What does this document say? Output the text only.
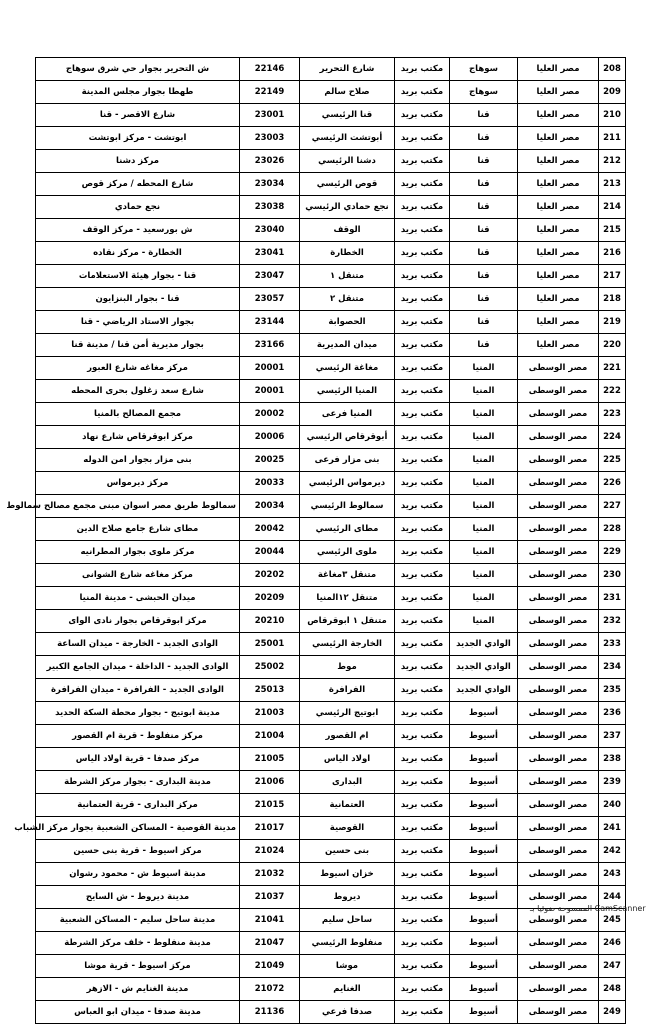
208	مصر العليا	سوهاج	مكتب بريد	شارع التحرير	22146	ش التحرير بجوار حي شرق سوهاج
209	مصر العليا	سوهاج	مكتب بريد	صلاح سالم	22149	طهطا بجوار مجلس المدينة
210	مصر العليا	قنا	مكتب بريد	قنا الرئيسي	23001	شارع الاقصر - قنا
211	مصر العليا	قنا	مكتب بريد	أبوتشت الرئيسي	23003	ابوتشت - مركز ابوتشت
212	مصر العليا	قنا	مكتب بريد	دشنا الرئيسي	23026	مركز دشنا
213	مصر العليا	قنا	مكتب بريد	قوص الرئيسي	23034	شارع المحطه / مركز قوص
214	مصر العليا	قنا	مكتب بريد	نجع حمادي الرئيسي	23038	نجع حمادي
215	مصر العليا	قنا	مكتب بريد	الوقف	23040	ش بورسعيد - مركز الوقف
216	مصر العليا	قنا	مكتب بريد	الخطارة	23041	الخطارة - مركز نقاده
217	مصر العليا	قنا	مكتب بريد	متنقل ١	23047	قنا - بجوار هيئة الاستعلامات
218	مصر العليا	قنا	مكتب بريد	متنقل ٢	23057	قنا - بجوار البنزايون
219	مصر العليا	قنا	مكتب بريد	الحصوابة	23144	بجوار الاستاد الرياضي - قنا
220	مصر العليا	قنا	مكتب بريد	ميدان المديرية	23166	بجوار مديرية أمن قنا / مدينة قنا
221	مصر الوسطى	المنيا	مكتب بريد	مغاغة الرئيسي	20001	مركز مغاغه شارع العبور
222	مصر الوسطى	المنيا	مكتب بريد	المنيا الرئيسي	20001	شارع سعد زغلول بحرى المحطه
223	مصر الوسطى	المنيا	مكتب بريد	المنيا فرعى	20002	مجمع المصالح بالمنيا
224	مصر الوسطى	المنيا	مكتب بريد	أبوقرقاص الرئيسي	20006	مركز ابوقرقاص شارع نهاد
225	مصر الوسطى	المنيا	مكتب بريد	بنى مزار فرعى	20025	بنى مزار بجوار امن الدوله
226	مصر الوسطى	المنيا	مكتب بريد	ديرمواس الرئيسي	20033	مركز ديرمواس
227	مصر الوسطى	المنيا	مكتب بريد	سمالوط الرئيسي	20034	سمالوط طريق مصر اسوان مبنى مجمع مصالح سمالوط
228	مصر الوسطى	المنيا	مكتب بريد	مطاى الرئيسي	20042	مطاى شارع جامع صلاح الدين
229	مصر الوسطى	المنيا	مكتب بريد	ملوى الرئيسي	20044	مركز ملوى بجوار المطرانيه
230	مصر الوسطى	المنيا	مكتب بريد	متنقل ٣مغاغة	20202	مركز مغاغه شارع الشوانى
231	مصر الوسطى	المنيا	مكتب بريد	متنقل ١٢المنيا	20209	ميدان الحبشى - مدينة المنيا
232	مصر الوسطى	المنيا	مكتب بريد	متنقل ١ ابوقرقاص	20210	مركز ابوقرقاص بجوار نادى الواى
233	مصر الوسطى	الوادي الجديد	مكتب بريد	الخارجة الرئيسي	25001	الوادى الجديد - الخارجة - ميدان الساعة
234	مصر الوسطى	الوادي الجديد	مكتب بريد	موط	25002	الوادى الجديد - الداخلة - ميدان الجامع الكبير
235	مصر الوسطى	الوادي الجديد	مكتب بريد	الفرافرة	25013	الوادى الجديد - الفرافرة - ميدان الفرافرة
236	مصر الوسطى	أسيوط	مكتب بريد	ابوتيج الرئيسي	21003	مدينة ابوتيج - بجوار محطة السكة الحديد
237	مصر الوسطى	أسيوط	مكتب بريد	ام القصور	21004	مركز منفلوط - قرية ام القصور
238	مصر الوسطى	أسيوط	مكتب بريد	اولاد الياس	21005	مركز صدفا - قرية اولاد الياس
239	مصر الوسطى	أسيوط	مكتب بريد	البدارى	21006	مدينة البدارى - بجوار مركز الشرطة
240	مصر الوسطى	أسيوط	مكتب بريد	العتمانية	21015	مركز البدارى - قرية العتمانية
241	مصر الوسطى	أسيوط	مكتب بريد	القوصية	21017	مدينة القوصية - المساكن الشعبية بجوار مركز الشباب
242	مصر الوسطى	أسيوط	مكتب بريد	بنى حسين	21024	مركز اسيوط - قرية بنى حسين
243	مصر الوسطى	أسيوط	مكتب بريد	خزان اسيوط	21032	مدينة اسيوط ش - محمود رشوان
244	مصر الوسطى	أسيوط	مكتب بريد	ديروط	21037	مدينة ديروط - ش السايح
245	مصر الوسطى	أسيوط	مكتب بريد	ساحل سليم	21041	مدينة ساحل سليم - المساكن الشعبية
246	مصر الوسطى	أسيوط	مكتب بريد	منفلوط الرئيسي	21047	مدينة منفلوط - خلف مركز الشرطة
247	مصر الوسطى	أسيوط	مكتب بريد	موشا	21049	مركز اسيوط - قرية موشا
248	مصر الوسطى	أسيوط	مكتب بريد	الغنايم	21072	مدينة الغنايم ش - الازهر
249	مصر الوسطى	أسيوط	مكتب بريد	صدفا فرعي	21136	مدينة صدفا - ميدان ابو العباس
الممسوحة ضوئيا بـ CamScanner
